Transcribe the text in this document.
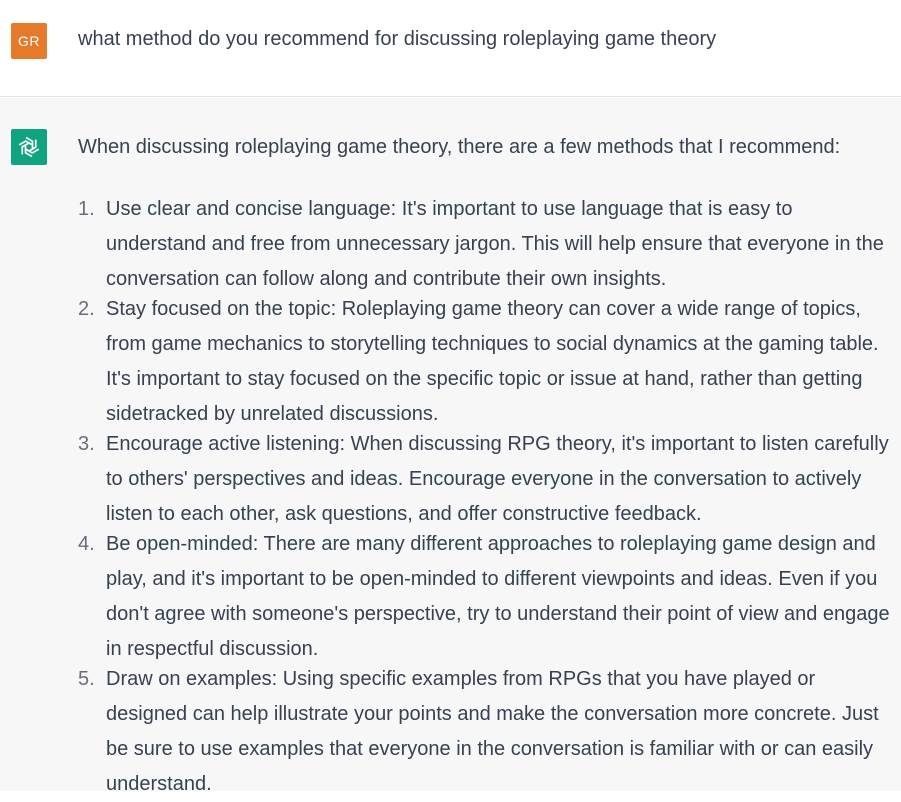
GR	what method do you recommend for discussing roleplaying game theory

When discussing roleplaying game theory, there are a few methods that I recommend:

1. Use clear and concise language: It's important to use language that is easy to understand and free from unnecessary jargon. This will help ensure that everyone in the conversation can follow along and contribute their own insights.
2. Stay focused on the topic: Roleplaying game theory can cover a wide range of topics, from game mechanics to storytelling techniques to social dynamics at the gaming table. It's important to stay focused on the specific topic or issue at hand, rather than getting sidetracked by unrelated discussions.
3. Encourage active listening: When discussing RPG theory, it's important to listen carefully to others' perspectives and ideas. Encourage everyone in the conversation to actively listen to each other, ask questions, and offer constructive feedback.
4. Be open-minded: There are many different approaches to roleplaying game design and play, and it's important to be open-minded to different viewpoints and ideas. Even if you don't agree with someone's perspective, try to understand their point of view and engage in respectful discussion.
5. Draw on examples: Using specific examples from RPGs that you have played or designed can help illustrate your points and make the conversation more concrete. Just be sure to use examples that everyone in the conversation is familiar with or can easily understand.
